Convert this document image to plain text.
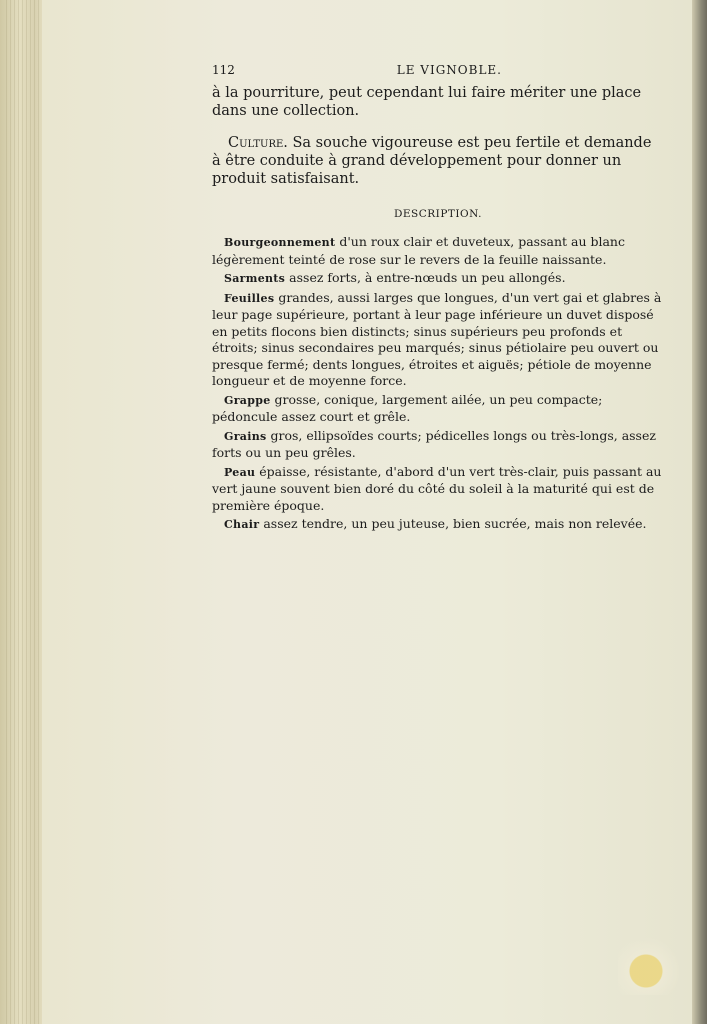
112	LE VIGNOBLE.

à la pourriture, peut cependant lui faire mériter une place dans une collection.

Culture. Sa souche vigoureuse est peu fertile et demande à être conduite à grand développement pour donner un produit satisfaisant.

DESCRIPTION.

Bourgeonnement d'un roux clair et duveteux, passant au blanc légèrement teinté de rose sur le revers de la feuille naissante.

Sarments assez forts, à entre-nœuds un peu allongés.

Feuilles grandes, aussi larges que longues, d'un vert gai et glabres à leur page supérieure, portant à leur page inférieure un duvet disposé en petits flocons bien distincts; sinus supérieurs peu profonds et étroits; sinus secondaires peu marqués; sinus pétiolaire peu ouvert ou presque fermé; dents longues, étroites et aiguës; pétiole de moyenne longueur et de moyenne force.

Grappe grosse, conique, largement ailée, un peu compacte; pédoncule assez court et grêle.

Grains gros, ellipsoïdes courts; pédicelles longs ou très-longs, assez forts ou un peu grêles.

Peau épaisse, résistante, d'abord d'un vert très-clair, puis passant au vert jaune souvent bien doré du côté du soleil à la maturité qui est de première époque.

Chair assez tendre, un peu juteuse, bien sucrée, mais non relevée.
